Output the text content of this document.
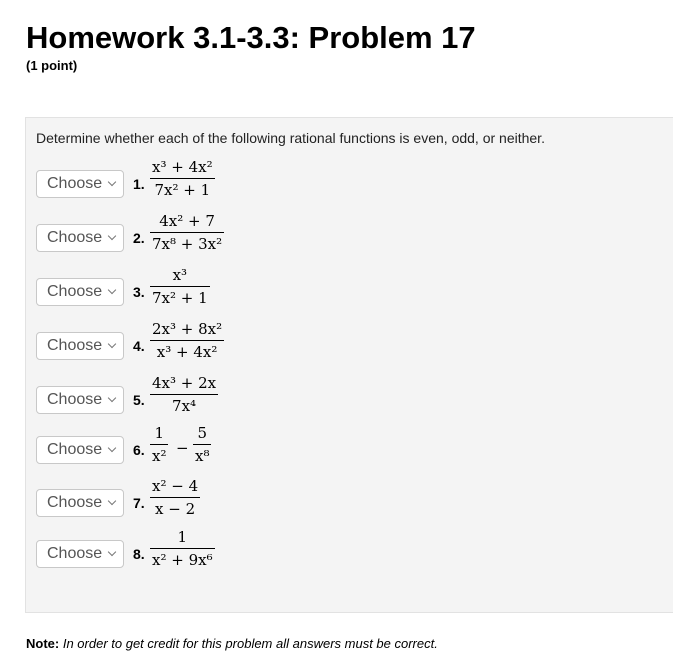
Homework 3.1-3.3: Problem 17
(1 point)
Determine whether each of the following rational functions is even, odd, or neither.
Choose	1.
x³ + 4x²
7x² + 1
Choose	2.
4x² + 7
7x⁸ + 3x²
Choose	3.
x³
7x² + 1
Choose	4.
2x³ + 8x²
x³ + 4x²
Choose	5.
4x³ + 2x
7x⁴
Choose	6.
1
x² −
5
x⁸
Choose	7.
x² − 4
x − 2
Choose	8.
1
x² + 9x⁶
Note: In order to get credit for this problem all answers must be correct.
